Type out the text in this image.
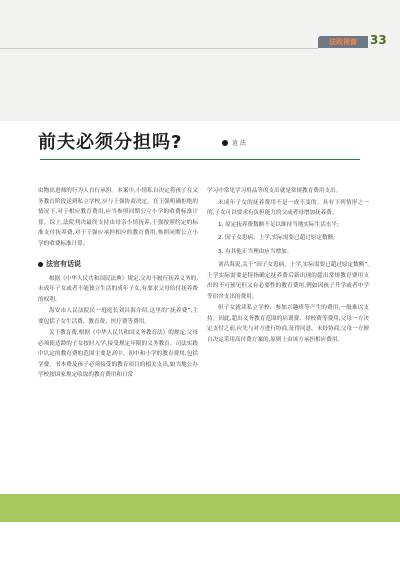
法政视窗	33
前夫必须分担吗?	逍 法

由物出进师的行为人自行承担。本案中,小情私自决定将孩子在义务教育阶段送到私立学校,应与王强协商决定。在王强明确拒绝的情况下,对于相应教育费用,应当参照同期公立小学的收费标准计算。综上,法院判决最终支持由母亲小情抚养,王强按照约定的标准支付抚养费,对于王强应承担相应的教育费用,参照同期公立小学的收费标准计算。

法官有话说

根据《中华人民共和国民法典》规定,父母不履行抚养义务的,未成年子女或者不能独立生活的成年子女,有要求父母给付抚养费的权利。

海安市人民法院民一庭庭长刘昌海介绍,这里的“抚养费”,主要包括子女生活费、教育费、医疗费等费用。

关于教育费,根据《中华人民共和国义务教育法》的规定,父母必须使适龄的子女按时入学,接受规定年限的义务教育。司法实践中认定的教育费的范围主要是高中、初中和小学的教育费用,包括学费、书本费及孩子必须接受的教育项目的相关支出,如当地公办学校按国家规定收取的教育费用和日常

学习中常见学习用品等的支出就是常规教育费用支出。

未成年子女的抚养费用不是一成不变的。具有下列情形之一的,子女可以要求有负担能力的父或者母增加抚养费。

1. 原定抚养费数额不足以维持当地实际生活水平;

2. 因子女患病、上学,实际需要已超过原定数额;

3. 有其他正当理由应当增加。

刘昌海说,关于“因子女患病、上学,实际需要已超过原定数额”,上学实际需要是特指确定抚养费后新出现的超出常规教育费用支出的不可预见但又有必要性的教育费用,例如因孩子升学或者中学等宿舍支出的费用。

但子女就读私立学校、参加兴趣班等产生的费用,一般难以支持。因此,超出义务教育范围的培训费、择校费等费用,父母一方决定支付之前,应先与对方进行协商,征得同意。未经协商,父母一方擅自决定采用高付费方案的,原则上由该方承担相应费用。
